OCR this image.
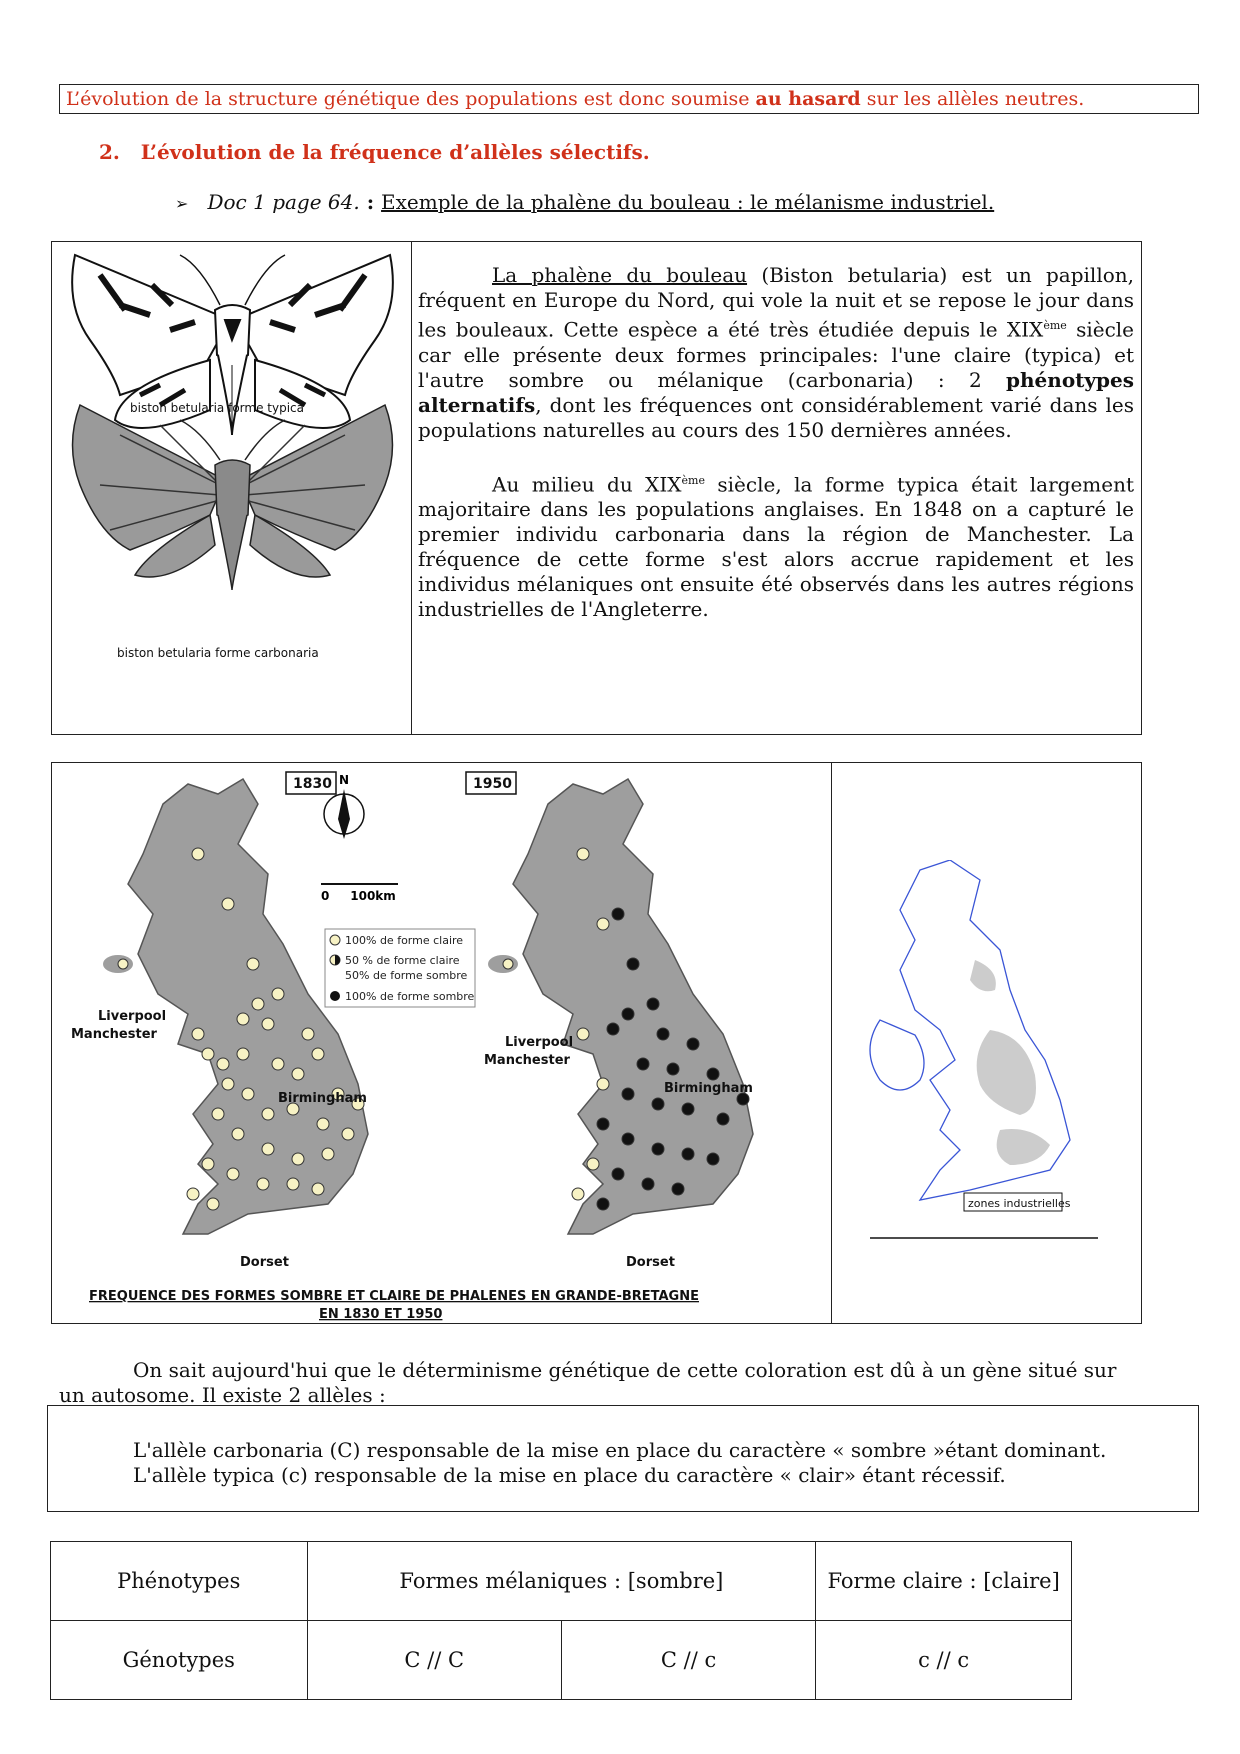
L’évolution de la structure génétique des populations est donc soumise au hasard sur les allèles neutres.
2. L’évolution de la fréquence d’allèles sélectifs.
➢ Doc 1 page 64. : Exemple de la phalène du bouleau : le mélanisme industriel.
biston betularia forme typica
biston betularia forme carbonaria

La phalène du bouleau (Biston betularia) est un papillon, fréquent en Europe du Nord, qui vole la nuit et se repose le jour dans les bouleaux. Cette espèce a été très étudiée depuis le XIXème siècle car elle présente deux formes principales: l'une claire (typica) et l'autre sombre ou mélanique (carbonaria) : 2 phénotypes alternatifs, dont les fréquences ont considérablement varié dans les populations naturelles au cours des 150 dernières années.

Au milieu du XIXème siècle, la forme typica était largement majoritaire dans les populations anglaises. En 1848 on a capturé le premier individu carbonaria dans la région de Manchester. La fréquence de cette forme s'est alors accrue rapidement et les individus mélaniques ont ensuite été observés dans les autres régions industrielles de l'Angleterre.

1830 N
0     100km
100% de forme claire
50 % de forme claire
50% de forme sombre
100% de forme sombre
1950
Liverpool
Manchester
Birmingham
Dorset
Liverpool
Manchester
Birmingham
Dorset
FREQUENCE DES FORMES SOMBRE ET CLAIRE DE PHALENES EN GRANDE-BRETAGNE
EN 1830 ET 1950
zones industrielles
On sait aujourd'hui que le déterminisme génétique de cette coloration est dû à un gène situé sur un autosome. Il existe 2 allèles :
L'allèle carbonaria (C) responsable de la mise en place du caractère « sombre »étant dominant.
L'allèle typica (c) responsable de la mise en place du caractère « clair» étant récessif.
Phénotypes	Formes mélaniques : [sombre]		Forme claire : [claire]
Génotypes	C // C	C // c	c // c
